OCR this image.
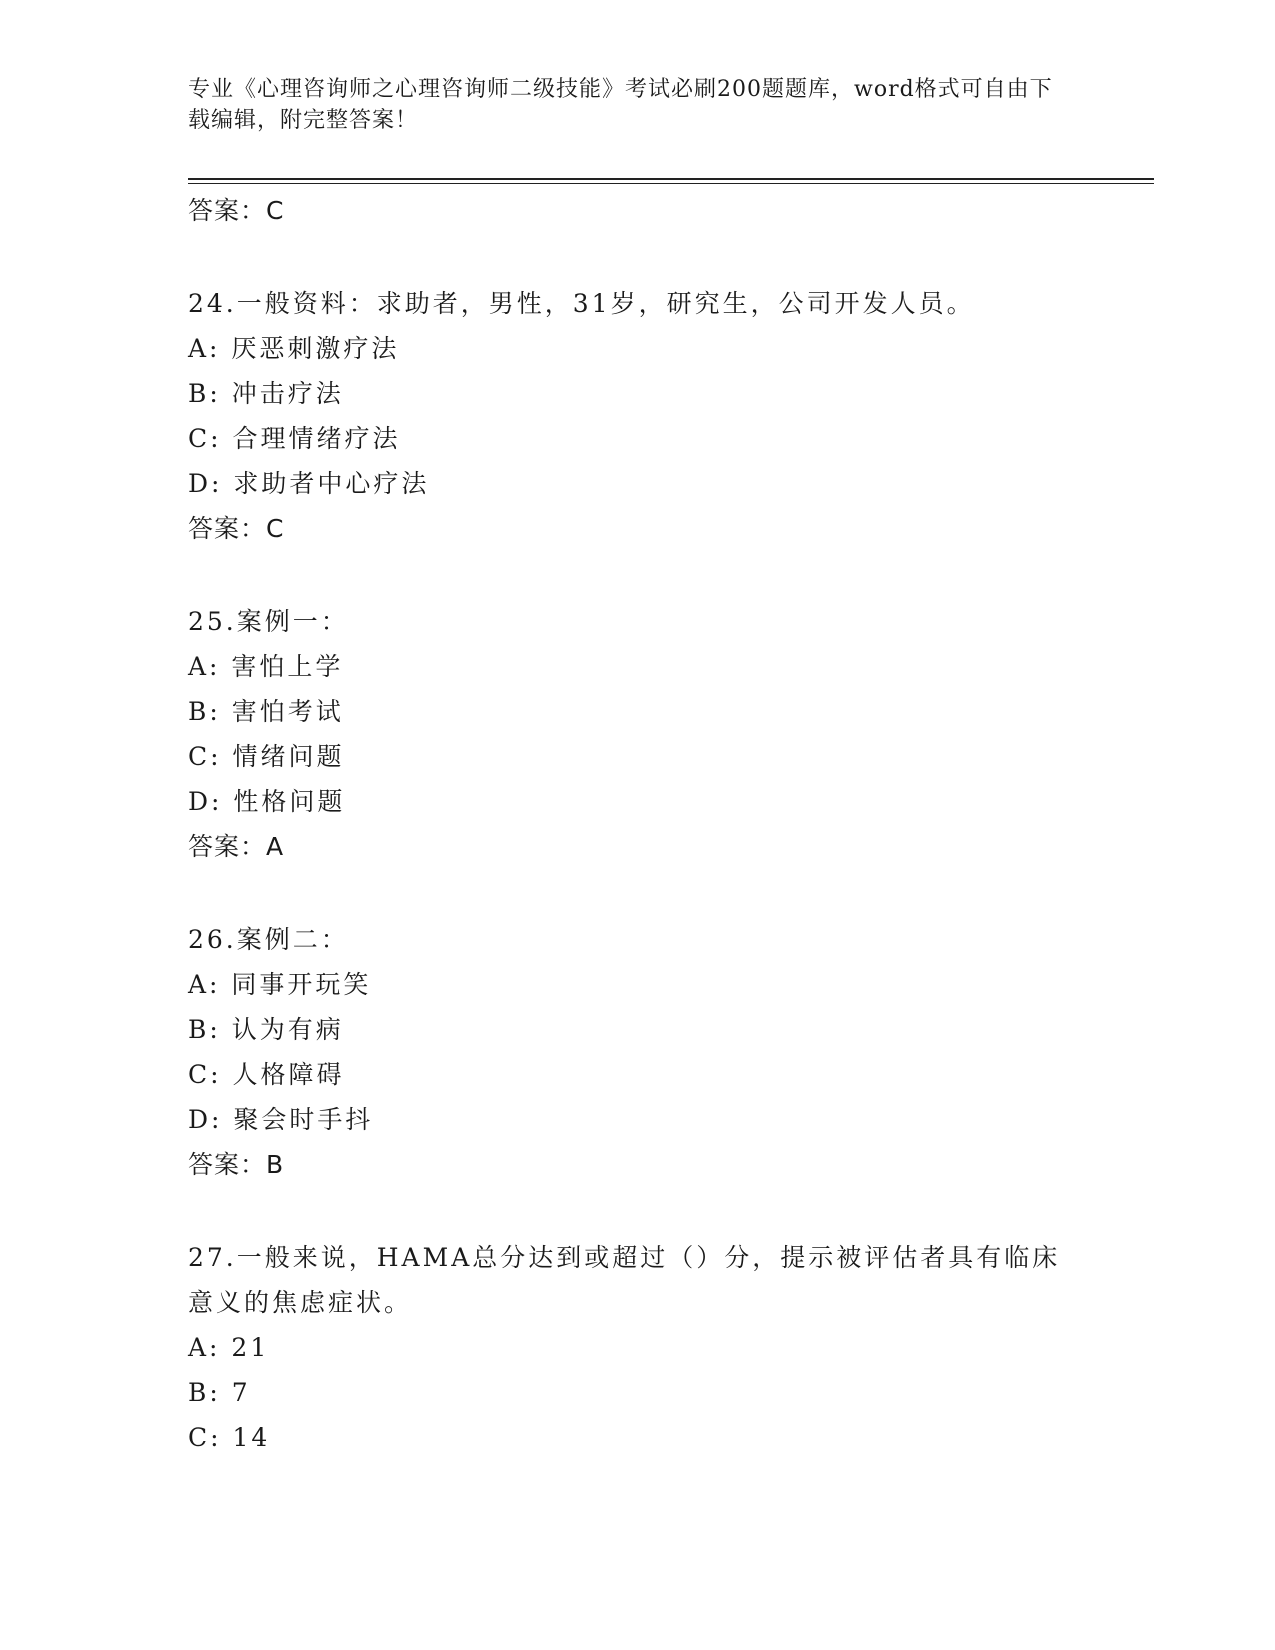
专业《心理咨询师之心理咨询师二级技能》考试必刷200题题库，word格式可自由下载编辑，附完整答案！
答案：C
24.一般资料：求助者，男性，31岁，研究生，公司开发人员。
A: 厌恶刺激疗法
B: 冲击疗法
C: 合理情绪疗法
D: 求助者中心疗法
答案：C
25.案例一：
A: 害怕上学
B: 害怕考试
C: 情绪问题
D: 性格问题
答案：A
26.案例二：
A: 同事开玩笑
B: 认为有病
C: 人格障碍
D: 聚会时手抖
答案：B
27.一般来说，HAMA总分达到或超过（）分，提示被评估者具有临床意义的焦虑症状。
A: 21
B: 7
C: 14
